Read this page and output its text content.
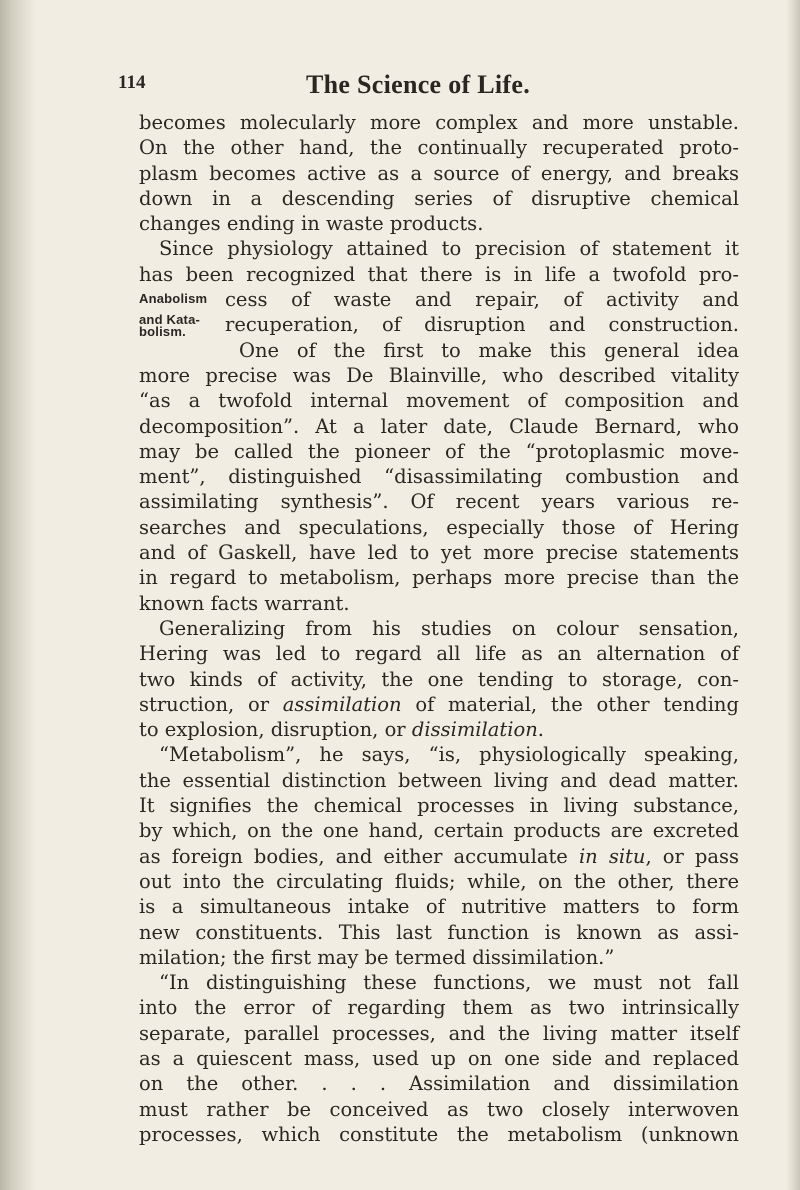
114	The Science of Life.
becomes molecularly more complex and more unstable.
On the other hand, the continually recuperated proto-
plasm becomes active as a source of energy, and breaks
down in a descending series of disruptive chemical
changes ending in waste products.
Since physiology attained to precision of statement it
has been recognized that there is in life a twofold pro-
Anabolism
and Kata-
bolism.
cess of waste and repair, of activity and
recuperation, of disruption and construction.
One of the first to make this general idea
more precise was De Blainville, who described vitality
“as a twofold internal movement of composition and
decomposition”. At a later date, Claude Bernard, who
may be called the pioneer of the “protoplasmic move-
ment”, distinguished “disassimilating combustion and
assimilating synthesis”. Of recent years various re-
searches and speculations, especially those of Hering
and of Gaskell, have led to yet more precise statements
in regard to metabolism, perhaps more precise than the
known facts warrant.
Generalizing from his studies on colour sensation,
Hering was led to regard all life as an alternation of
two kinds of activity, the one tending to storage, con-
struction, or assimilation of material, the other tending
to explosion, disruption, or dissimilation.
“Metabolism”, he says, “is, physiologically speaking,
the essential distinction between living and dead matter.
It signifies the chemical processes in living substance,
by which, on the one hand, certain products are excreted
as foreign bodies, and either accumulate in situ, or pass
out into the circulating fluids; while, on the other, there
is a simultaneous intake of nutritive matters to form
new constituents. This last function is known as assi-
milation; the first may be termed dissimilation.”
“In distinguishing these functions, we must not fall
into the error of regarding them as two intrinsically
separate, parallel processes, and the living matter itself
as a quiescent mass, used up on one side and replaced
on the other. . . . Assimilation and dissimilation
must rather be conceived as two closely interwoven
processes, which constitute the metabolism (unknown
